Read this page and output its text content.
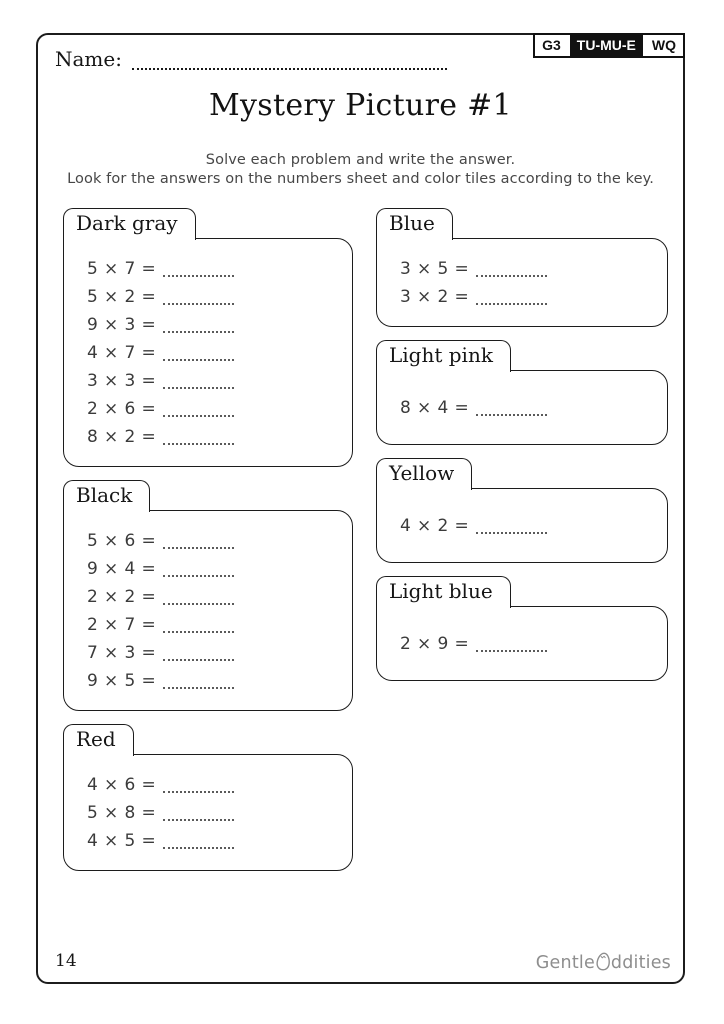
Name:
G3	TU-MU-E	WQ
Mystery Picture #1
Solve each problem and write the answer.
Look for the answers on the numbers sheet and color tiles according to the key.
Dark gray
5 × 7 =
5 × 2 =
9 × 3 =
4 × 7 =
3 × 3 =
2 × 6 =
8 × 2 =
Black
5 × 6 =
9 × 4 =
2 × 2 =
2 × 7 =
7 × 3 =
9 × 5 =
Red
4 × 6 =
5 × 8 =
4 × 5 =
Blue
3 × 5 =
3 × 2 =
Light pink
8 × 4 =
Yellow
4 × 2 =
Light blue
2 × 9 =
14	Gentle ddities
